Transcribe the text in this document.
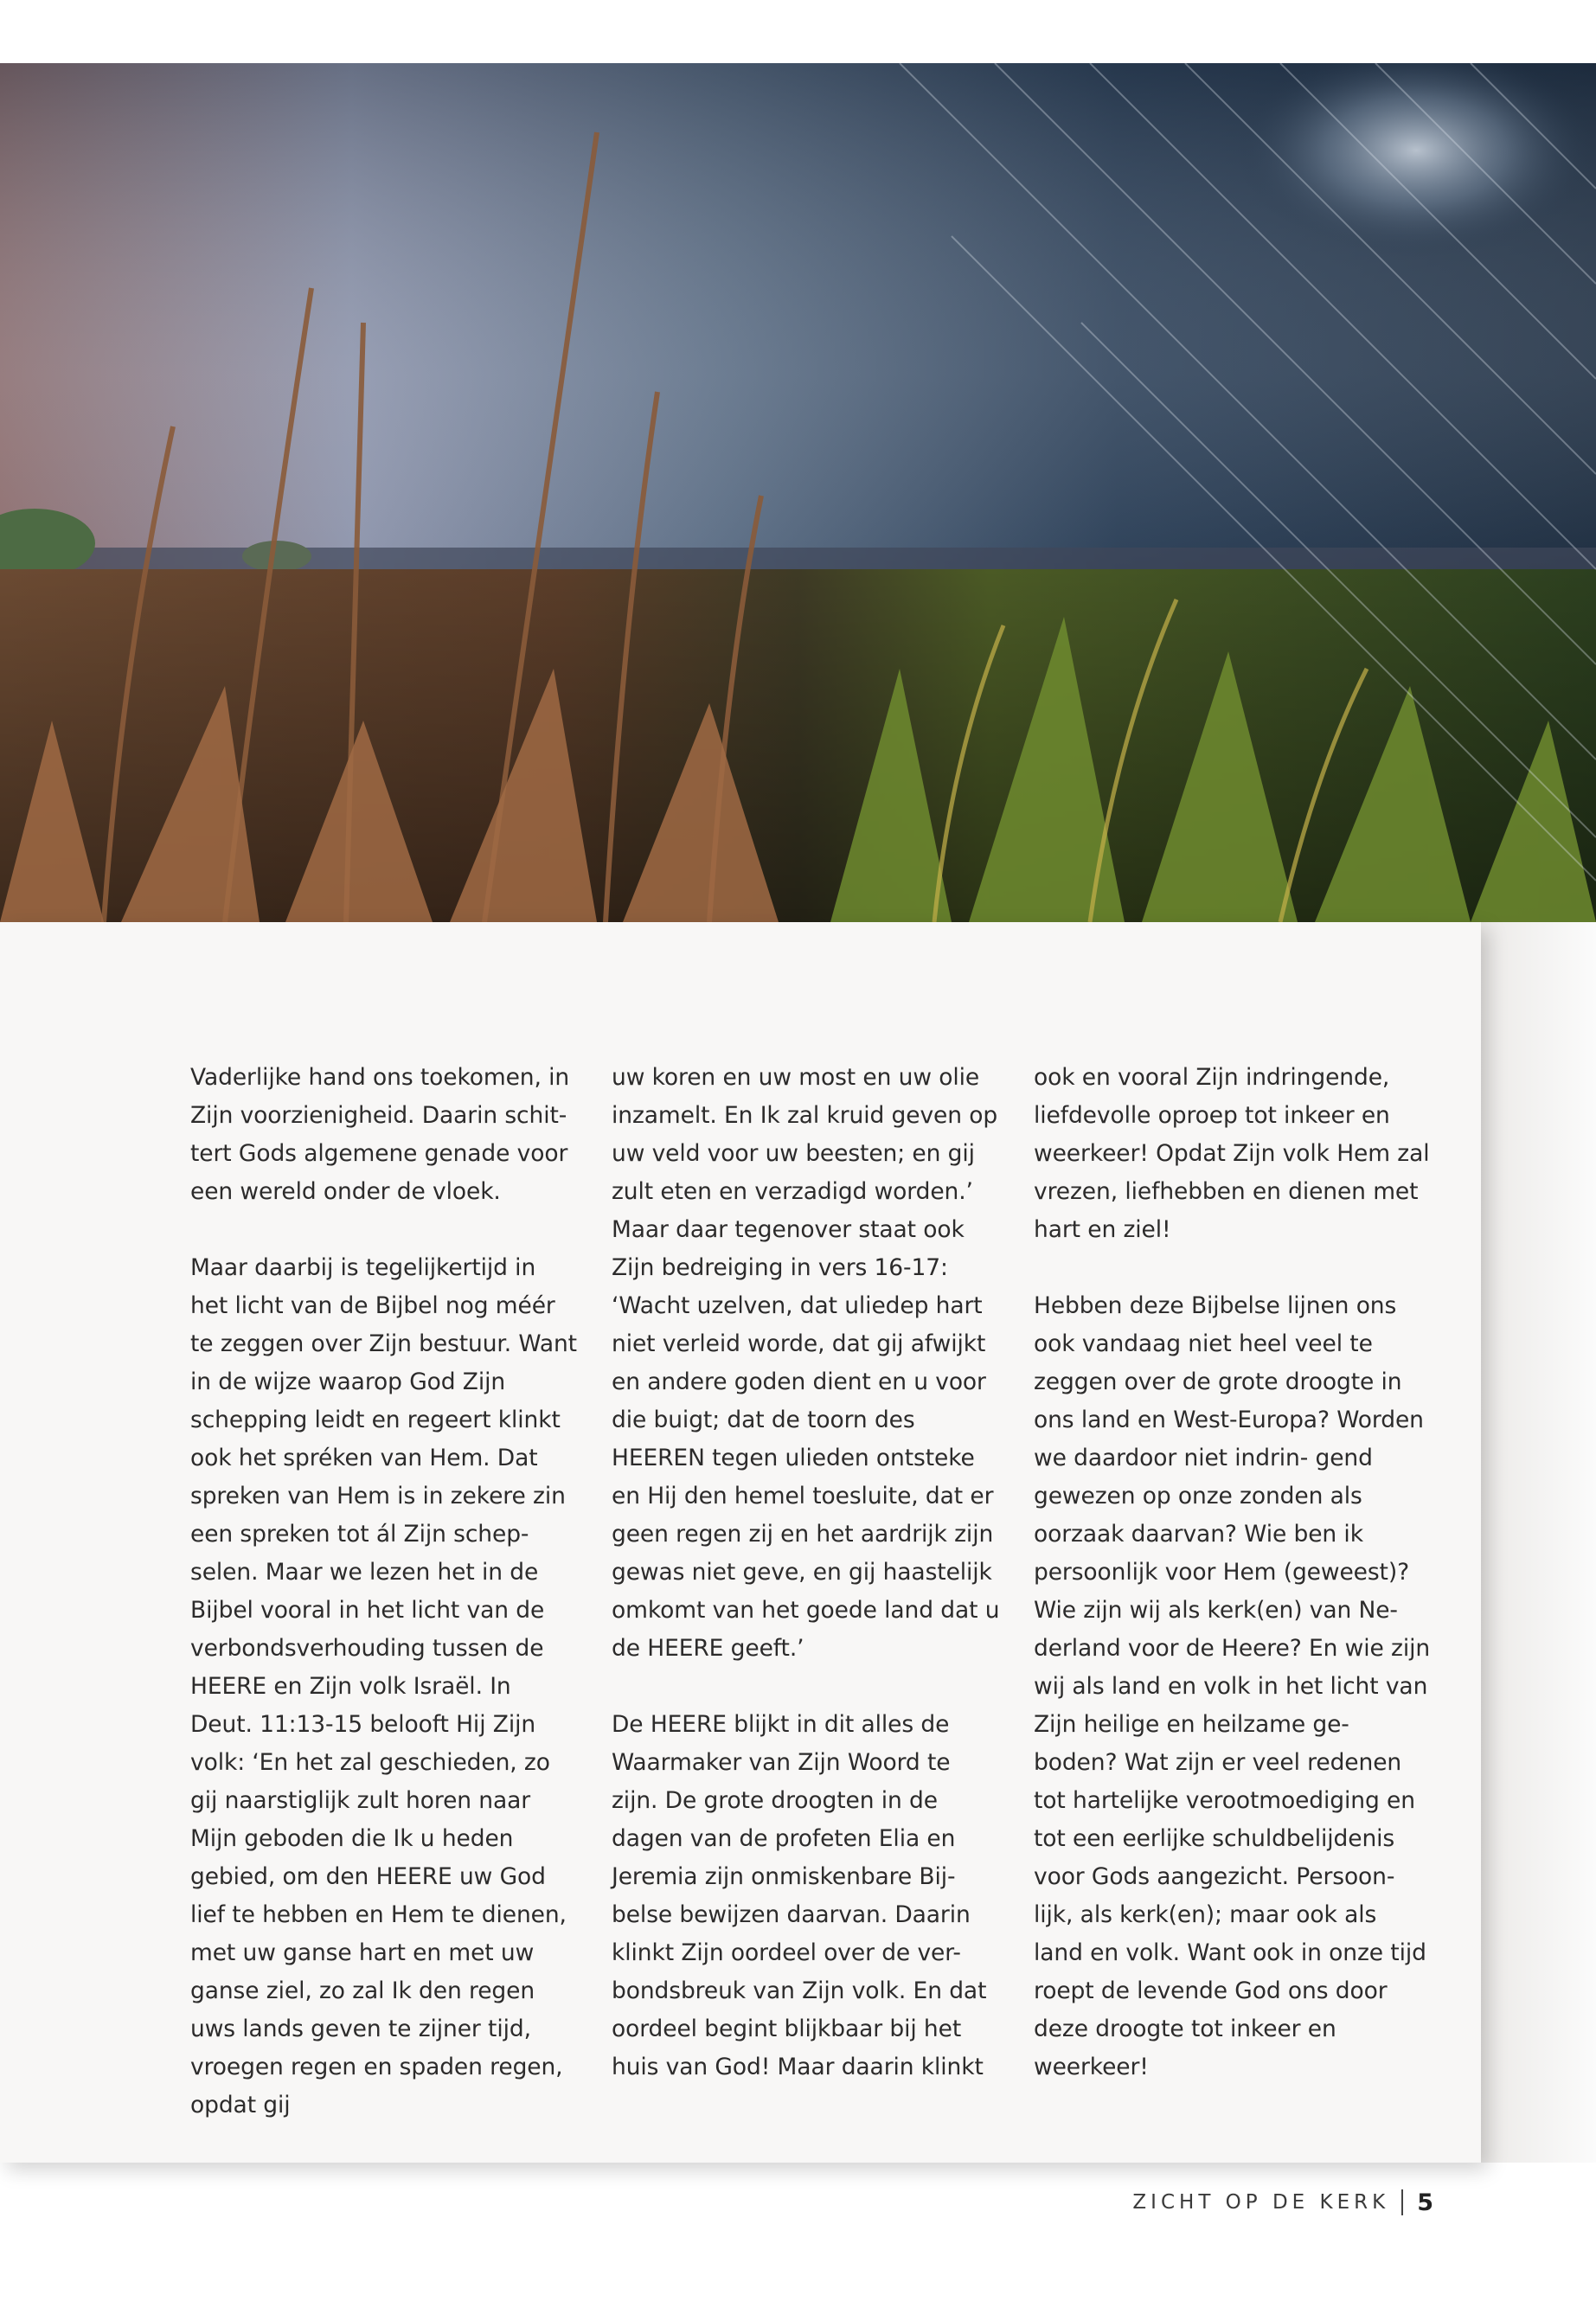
Vaderlijke hand ons toekomen, in Zijn voorzienigheid. Daarin schit- tert Gods algemene genade voor een wereld onder de vloek.

Maar daarbij is tegelijkertijd in het licht van de Bijbel nog méér te zeggen over Zijn bestuur. Want in de wijze waarop God Zijn schepping leidt en regeert klinkt ook het spréken van Hem. Dat spreken van Hem is in zekere zin een spreken tot ál Zijn schep- selen. Maar we lezen het in de Bijbel vooral in het licht van de verbondsverhouding tussen de HEERE en Zijn volk Israël. In Deut. 11:13-15 belooft Hij Zijn volk: ‘En het zal geschieden, zo gij naarstiglijk zult horen naar Mijn geboden die Ik u heden gebied, om den HEERE uw God lief te hebben en Hem te dienen, met uw ganse hart en met uw ganse ziel, zo zal Ik den regen uws lands geven te zijner tijd, vroegen regen en spaden regen, opdat gij

uw koren en uw most en uw olie inzamelt. En Ik zal kruid geven op uw veld voor uw beesten; en gij zult eten en verzadigd worden.’ Maar daar tegenover staat ook Zijn bedreiging in vers 16-17: ‘Wacht uzelven, dat uliedер hart niet verleid worde, dat gij afwijkt en andere goden dient en u voor die buigt; dat de toorn des HEEREN tegen ulieden ontsteke en Hij den hemel toesluite, dat er geen regen zij en het aardrijk zijn gewas niet geve, en gij haastelijk omkomt van het goede land dat u de HEERE geeft.’

De HEERE blijkt in dit alles de Waarmaker van Zijn Woord te zijn. De grote droogten in de dagen van de profeten Elia en Jeremia zijn onmiskenbare Bij- belse bewijzen daarvan. Daarin klinkt Zijn oordeel over de ver- bondsbreuk van Zijn volk. En dat oordeel begint blijkbaar bij het huis van God! Maar daarin klinkt

ook en vooral Zijn indringende, liefdevolle oproep tot inkeer en weerkeer! Opdat Zijn volk Hem zal vrezen, liefhebben en dienen met hart en ziel!

Hebben deze Bijbelse lijnen ons ook vandaag niet heel veel te zeggen over de grote droogte in ons land en West-Europa? Worden we daardoor niet indrin- gend gewezen op onze zonden als oorzaak daarvan? Wie ben ik persoonlijk voor Hem (geweest)? Wie zijn wij als kerk(en) van Ne- derland voor de Heere? En wie zijn wij als land en volk in het licht van Zijn heilige en heilzame ge- boden? Wat zijn er veel redenen tot hartelijke verootmoediging en tot een eerlijke schuldbelijdenis voor Gods aangezicht. Persoon- lijk, als kerk(en); maar ook als land en volk. Want ook in onze tijd roept de levende God ons door deze droogte tot inkeer en weerkeer!

ZICHT OP DE KERK 5
